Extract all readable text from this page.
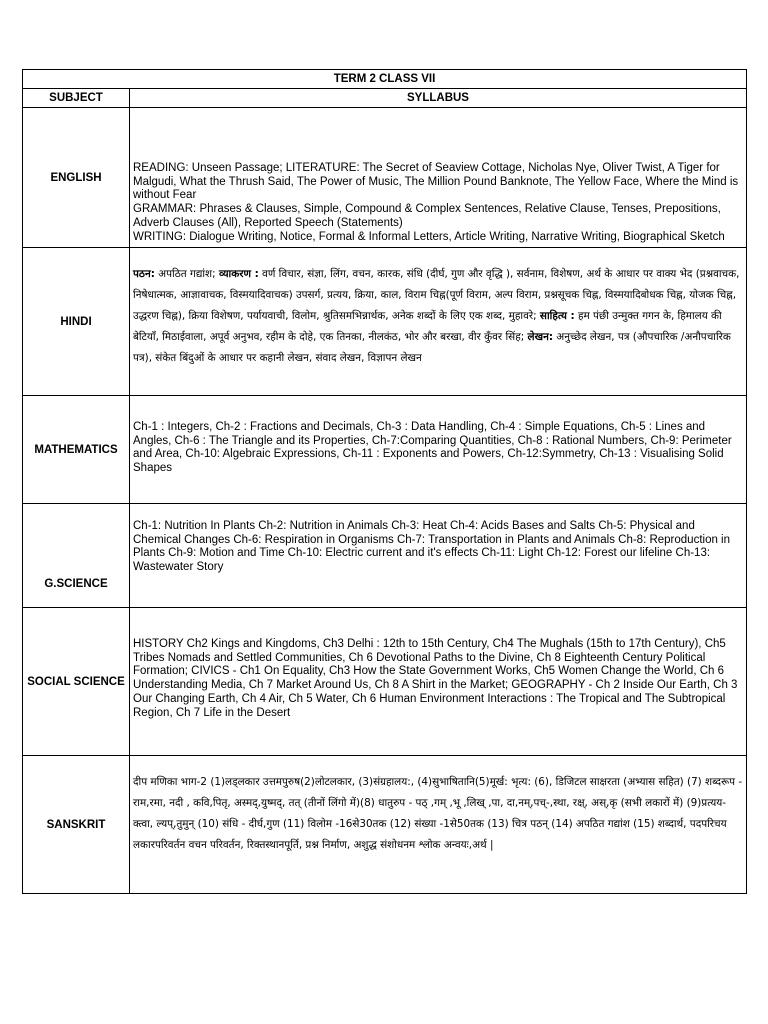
TERM 2 CLASS VII	
SUBJECT	SYLLABUS
ENGLISH	READING: Unseen Passage; LITERATURE: The Secret of Seaview Cottage, Nicholas Nye, Oliver Twist, A Tiger for Malgudi, What the Thrush Said, The Power of Music, The Million Pound Banknote, The Yellow Face, Where the Mind is without Fear
GRAMMAR: Phrases & Clauses, Simple, Compound & Complex Sentences, Relative Clause, Tenses, Prepositions, Adverb Clauses (All), Reported Speech (Statements)
WRITING: Dialogue Writing, Notice, Formal & Informal Letters, Article Writing, Narrative Writing, Biographical Sketch
HINDI	पठन: अपठित गद्यांश; व्याकरण : वर्ण विचार, संज्ञा, लिंग, वचन, कारक, संधि (दीर्घ, गुण और वृद्धि ), सर्वनाम, विशेषण, अर्थ के आधार पर वाक्य भेद (प्रश्नवाचक, निषेधात्मक, आज्ञावाचक, विस्मयादिवाचक) उपसर्ग, प्रत्यय, क्रिया, काल, विराम चिह्न(पूर्ण विराम, अल्प विराम, प्रश्नसूचक चिह्न, विस्मयादिबोधक चिह्न, योजक चिह्न, उद्धरण चिह्न), क्रिया विशेषण, पर्यायवाची, विलोम, श्रुतिसमभिन्नार्थक, अनेक शब्दों के लिए एक शब्द, मुहावरे; साहित्य : हम पंछी उन्मुक्त गगन के, हिमालय की बेटियाँ, मिठाईवाला, अपूर्व अनुभव, रहीम के दोहे, एक तिनका, नीलकंठ, भोर और बरखा, वीर कुँवर सिंह; लेखन: अनुच्छेद लेखन, पत्र (औपचारिक /अनौपचारिक पत्र), संकेत बिंदुओं के आधार पर कहानी लेखन, संवाद लेखन, विज्ञापन लेखन
MATHEMATICS	Ch-1 : Integers, Ch-2 : Fractions and Decimals, Ch-3 : Data Handling, Ch-4 : Simple Equations, Ch-5 : Lines and Angles, Ch-6 : The Triangle and its Properties, Ch-7:Comparing Quantities, Ch-8 : Rational Numbers, Ch-9: Perimeter and Area, Ch-10: Algebraic Expressions, Ch-11 : Exponents and Powers, Ch-12:Symmetry, Ch-13 : Visualising Solid Shapes
G.SCIENCE	Ch-1: Nutrition In Plants Ch-2: Nutrition in Animals Ch-3: Heat Ch-4: Acids Bases and Salts Ch-5: Physical and Chemical Changes Ch-6: Respiration in Organisms Ch-7: Transportation in Plants and Animals Ch-8: Reproduction in Plants Ch-9: Motion and Time Ch-10: Electric current and it's effects Ch-11: Light Ch-12: Forest our lifeline Ch-13: Wastewater Story
SOCIAL SCIENCE	HISTORY Ch2 Kings and Kingdoms, Ch3 Delhi : 12th to 15th Century, Ch4 The Mughals (15th to 17th Century), Ch5 Tribes Nomads and Settled Communities, Ch 6 Devotional Paths to the Divine, Ch 8 Eighteenth Century Political Formation; CIVICS - Ch1 On Equality, Ch3 How the State Government Works, Ch5 Women Change the World, Ch 6 Understanding Media, Ch 7 Market Around Us, Ch 8 A Shirt in the Market; GEOGRAPHY - Ch 2 Inside Our Earth, Ch 3 Our Changing Earth, Ch 4 Air, Ch 5 Water, Ch 6 Human Environment Interactions : The Tropical and The Subtropical Region, Ch 7 Life in the Desert
SANSKRIT	दीप मणिका भाग-2 (1)लड्लकार उत्तमपुरुष(2)लोटलकार, (3)संग्रहालय:, (4)सुभाषितानि(5)मूर्ख: भृत्य: (6), डिजिटल साक्षरता (अभ्यास सहित) (7) शब्दरूप - राम,रमा, नदी , कवि,पितृ, अस्मद्,युष्मद्, तत् (तीनों लिंगो में)(8) धातुरुप - पठ् ,गम् ,भू ,लिख् ,पा, दा,नम्,पच्-,स्था, रक्ष्, अस्,कृ (सभी लकारों में) (9)प्रत्यय- क्त्वा, ल्यप्,तुमुन् (10) संधि - दीर्घ,गुण (11) विलोम -16से30तक (12) संख्या -1से50तक (13) चित्र पठन् (14) अपठित गद्यांश (15) शब्दार्थ, पदपरिचय लकारपरिवर्तन वचन परिवर्तन, रिक्तस्थानपूर्ति, प्रश्न निर्माण, अशुद्ध संशोधनम श्लोक अन्वयः,अर्थ |
